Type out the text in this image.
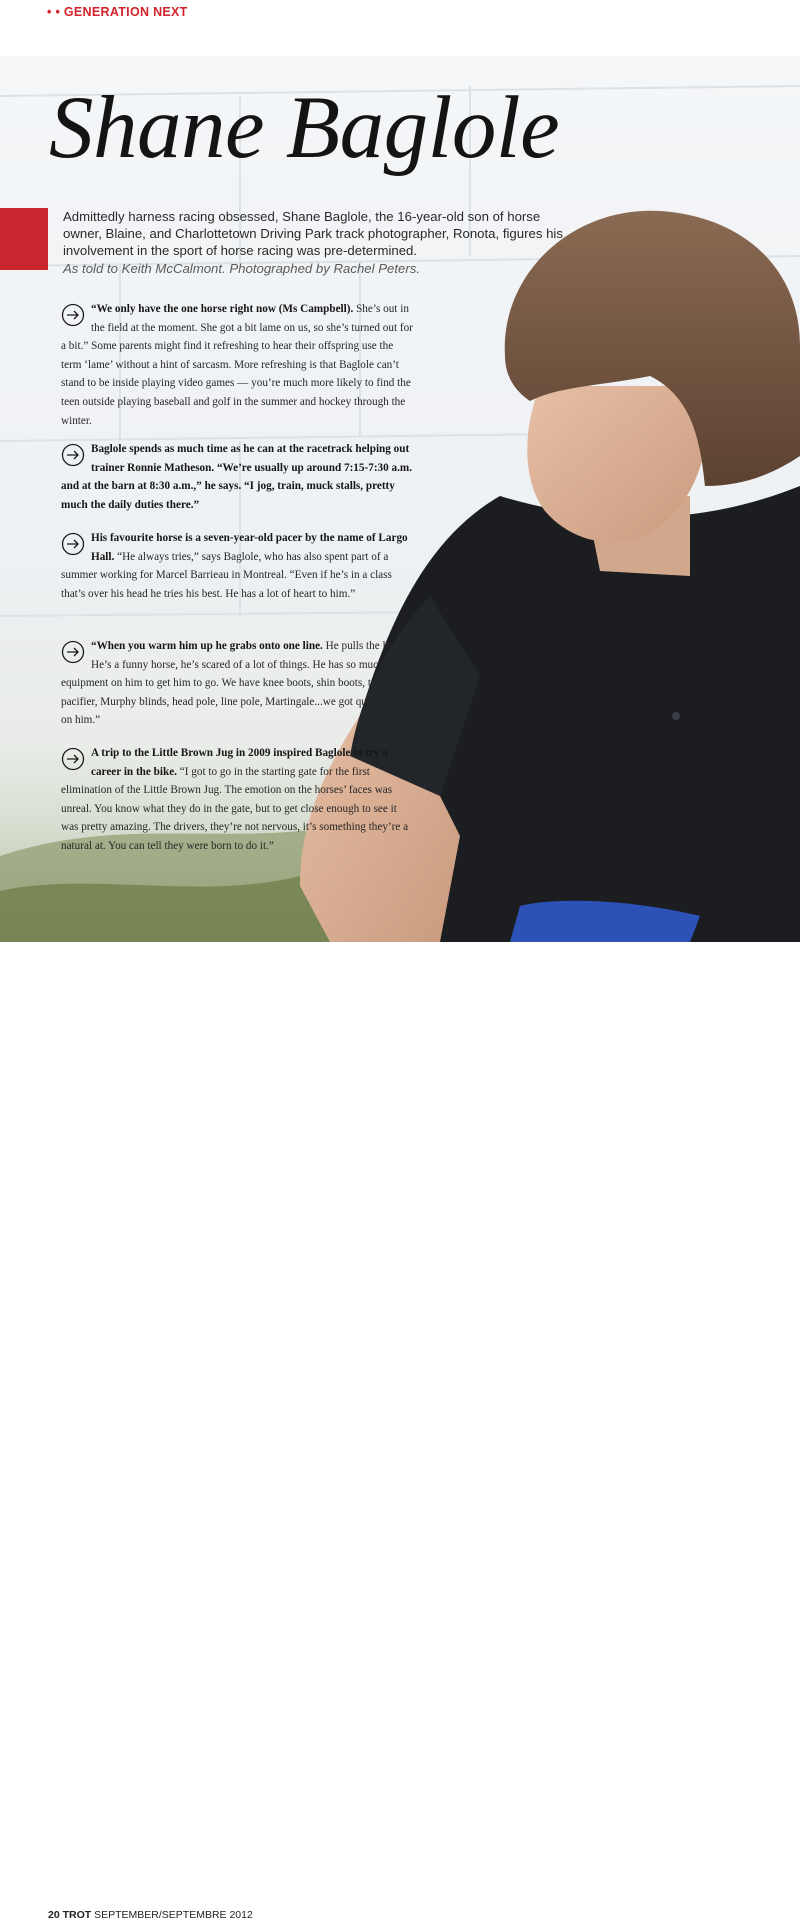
• • GENERATION NEXT
Shane Baglole

Admittedly harness racing obsessed, Shane Baglole, the 16-year-old son of horse owner, Blaine, and Charlottetown Driving Park track photographer, Ronota, figures his involvement in the sport of horse racing was pre-determined.

As told to Keith McCalmont. Photographed by Rachel Peters.

“We only have the one horse right now (Ms Campbell). She’s out in the field at the moment. She got a bit lame on us, so she’s turned out for a bit.” Some parents might find it refreshing to hear their offspring use the term ‘lame’ without a hint of sarcasm. More refreshing is that Baglole can’t stand to be inside playing video games — you’re much more likely to find the teen outside playing baseball and golf in the summer and hockey through the winter.

Baglole spends as much time as he can at the racetrack helping out trainer Ronnie Matheson. “We’re usually up around 7:15-7:30 a.m. and at the barn at 8:30 a.m.,” he says. “I jog, train, muck stalls, pretty much the daily duties there.”

His favourite horse is a seven-year-old pacer by the name of Largo Hall. “He always tries,” says Baglole, who has also spent part of a summer working for Marcel Barrieau in Montreal. “Even if he’s in a class that’s over his head he tries his best. He has a lot of heart to him.”

“When you warm him up he grabs onto one line. He pulls the line. He’s a funny horse, he’s scared of a lot of things. He has so much equipment on him to get him to go. We have knee boots, shin boots, tongue pacifier, Murphy blinds, head pole, line pole, Martingale...we got quite a lot on him.”

A trip to the Little Brown Jug in 2009 inspired Baglole to try a career in the bike. “I got to go in the starting gate for the first elimination of the Little Brown Jug. The emotion on the horses’ faces was unreal. You know what they do in the gate, but to get close enough to see it was pretty amazing. The drivers, they’re not nervous, it’s something they’re a natural at. You can tell they were born to do it.”

20 TROT SEPTEMBER/SEPTEMBRE 2012
